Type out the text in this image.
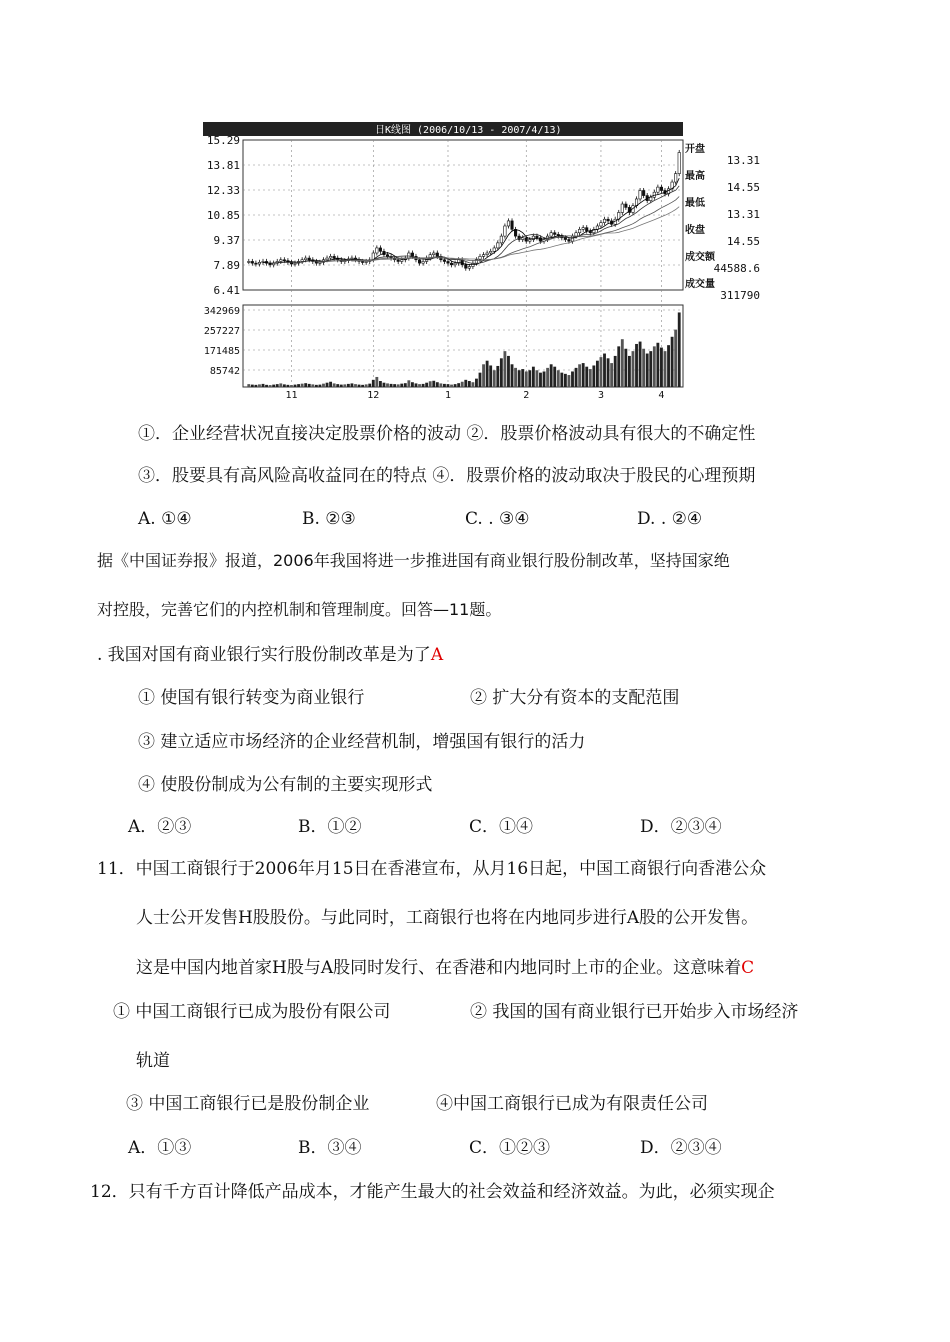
日K线图 (2006/10/13 - 2007/4/13)
15.29
13.81
12.33
10.85
9.37
7.89
6.41
342969
257227
171485
85742
11	12	1	2	3	4
开盘
13.31
最高
14.55
最低
13.31
收盘
14.55
成交额
44588.6
成交量
311790
①．企业经营状况直接决定股票价格的波动 ②．股票价格波动具有很大的不确定性
③．股要具有高风险高收益同在的特点 ④．股票价格的波动取决于股民的心理预期
A. ①④	B. ②③	C. . ③④	D. . ②④
据《中国证券报》报道，2006年我国将进一步推进国有商业银行股份制改革，坚持国家绝
对控股，完善它们的内控机制和管理制度。回答—11题。
. 我国对国有商业银行实行股份制改革是为了A
① 使国有银行转变为商业银行	② 扩大分有资本的支配范围
③ 建立适应市场经济的企业经营机制，增强国有银行的活力
④ 使股份制成为公有制的主要实现形式
A．②③	B．①②	C．①④	D．②③④
11．中国工商银行于2006年月15日在香港宣布，从月16日起，中国工商银行向香港公众
人士公开发售H股股份。与此同时，工商银行也将在内地同步进行A股的公开发售。
这是中国内地首家H股与A股同时发行、在香港和内地同时上市的企业。这意味着C
① 中国工商银行已成为股份有限公司	② 我国的国有商业银行已开始步入市场经济
轨道
③ 中国工商银行已是股份制企业	④中国工商银行已成为有限责任公司
A．①③	B．③④	C．①②③	D．②③④
12．只有千方百计降低产品成本，才能产生最大的社会效益和经济效益。为此，必须实现企
